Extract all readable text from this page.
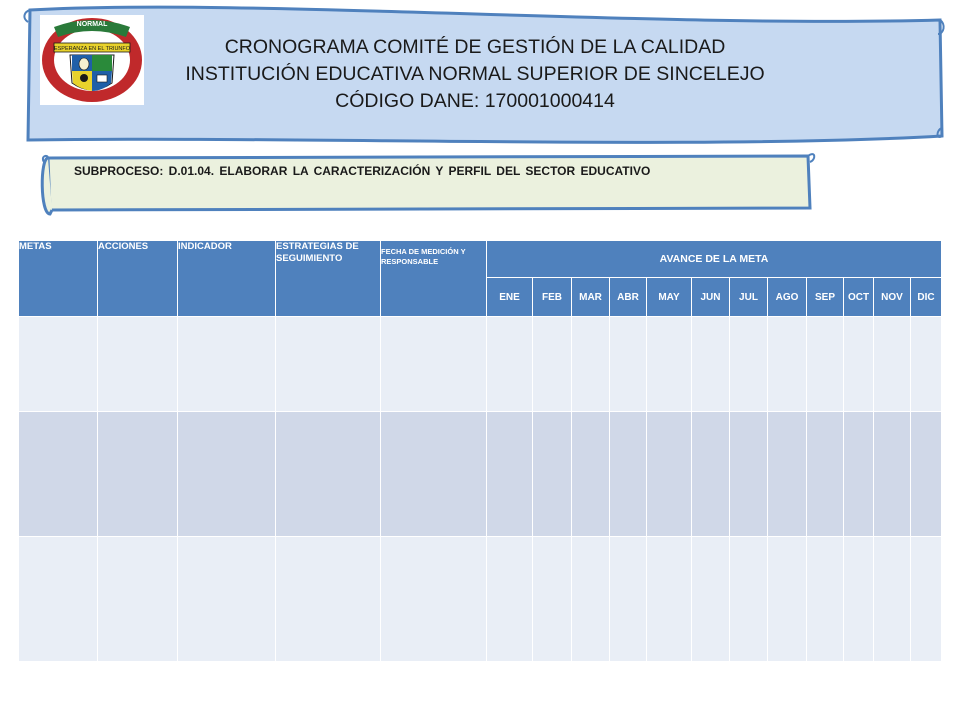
ESPERANZA EN EL TRIUNFO
NORMAL
CRONOGRAMA COMITÉ DE GESTIÓN DE LA CALIDAD
INSTITUCIÓN EDUCATIVA NORMAL SUPERIOR DE SINCELEJO
CÓDIGO DANE: 170001000414
SUBPROCESO: D.01.04. ELABORAR LA CARACTERIZACIÓN Y PERFIL DEL SECTOR EDUCATIVO
METAS	ACCIONES	INDICADOR	ESTRATEGIAS DE SEGUIMIENTO	FECHA DE MEDICIÓN Y RESPONSABLE	AVANCE DE LA META											
					ENE	FEB	MAR	ABR	MAY	JUN	JUL	AGO	SEP	OCT	NOV	DIC
